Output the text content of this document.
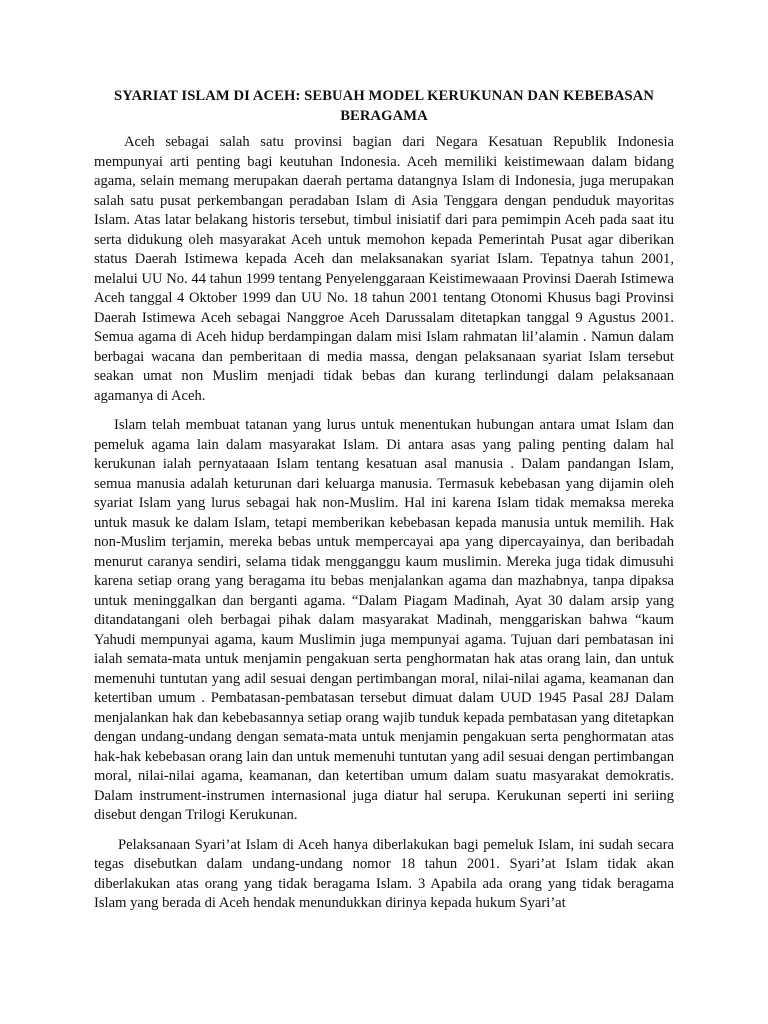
SYARIAT ISLAM DI ACEH: SEBUAH MODEL KERUKUNAN DAN KEBEBASAN BERAGAMA

Aceh sebagai salah satu provinsi bagian dari Negara Kesatuan Republik Indonesia mempunyai arti penting bagi keutuhan Indonesia. Aceh memiliki keistimewaan dalam bidang agama, selain memang merupakan daerah pertama datangnya Islam di Indonesia, juga merupakan salah satu pusat perkembangan peradaban Islam di Asia Tenggara dengan penduduk mayoritas Islam. Atas latar belakang historis tersebut, timbul inisiatif dari para pemimpin Aceh pada saat itu serta didukung oleh masyarakat Aceh untuk memohon kepada Pemerintah Pusat agar diberikan status Daerah Istimewa kepada Aceh dan melaksanakan syariat Islam. Tepatnya tahun 2001, melalui UU No. 44 tahun 1999 tentang Penyelenggaraan Keistimewaaan Provinsi Daerah Istimewa Aceh tanggal 4 Oktober 1999 dan UU No. 18 tahun 2001 tentang Otonomi Khusus bagi Provinsi Daerah Istimewa Aceh sebagai Nanggroe Aceh Darussalam ditetapkan tanggal 9 Agustus 2001. Semua agama di Aceh hidup berdampingan dalam misi Islam rahmatan lil’alamin . Namun dalam berbagai wacana dan pemberitaan di media massa, dengan pelaksanaan syariat Islam tersebut seakan umat non Muslim menjadi tidak bebas dan kurang terlindungi dalam pelaksanaan agamanya di Aceh.

Islam telah membuat tatanan yang lurus untuk menentukan hubungan antara umat Islam dan pemeluk agama lain dalam masyarakat Islam. Di antara asas yang paling penting dalam hal kerukunan ialah pernyataaan Islam tentang kesatuan asal manusia . Dalam pandangan Islam, semua manusia adalah keturunan dari keluarga manusia. Termasuk kebebasan yang dijamin oleh syariat Islam yang lurus sebagai hak non-Muslim. Hal ini karena Islam tidak memaksa mereka untuk masuk ke dalam Islam, tetapi memberikan kebebasan kepada manusia untuk memilih. Hak non-Muslim terjamin, mereka bebas untuk mempercayai apa yang dipercayainya, dan beribadah menurut caranya sendiri, selama tidak mengganggu kaum muslimin. Mereka juga tidak dimusuhi karena setiap orang yang beragama itu bebas menjalankan agama dan mazhabnya, tanpa dipaksa untuk meninggalkan dan berganti agama. “Dalam Piagam Madinah, Ayat 30 dalam arsip yang ditandatangani oleh berbagai pihak dalam masyarakat Madinah, menggariskan bahwa “kaum Yahudi mempunyai agama, kaum Muslimin juga mempunyai agama. Tujuan dari pembatasan ini ialah semata-mata untuk menjamin pengakuan serta penghormatan hak atas orang lain, dan untuk memenuhi tuntutan yang adil sesuai dengan pertimbangan moral, nilai-nilai agama, keamanan dan ketertiban umum . Pembatasan-pembatasan tersebut dimuat dalam UUD 1945 Pasal 28J Dalam menjalankan hak dan kebebasannya setiap orang wajib tunduk kepada pembatasan yang ditetapkan dengan undang-undang dengan semata-mata untuk menjamin pengakuan serta penghormatan atas hak-hak kebebasan orang lain dan untuk memenuhi tuntutan yang adil sesuai dengan pertimbangan moral, nilai-nilai agama, keamanan, dan ketertiban umum dalam suatu masyarakat demokratis. Dalam instrument-instrumen internasional juga diatur hal serupa. Kerukunan seperti ini seriing disebut dengan Trilogi Kerukunan.

Pelaksanaan Syari’at Islam di Aceh hanya diberlakukan bagi pemeluk Islam, ini sudah secara tegas disebutkan dalam undang-undang nomor 18 tahun 2001. Syari’at Islam tidak akan diberlakukan atas orang yang tidak beragama Islam. 3 Apabila ada orang yang tidak beragama Islam yang berada di Aceh hendak menundukkan dirinya kepada hukum Syari’at
